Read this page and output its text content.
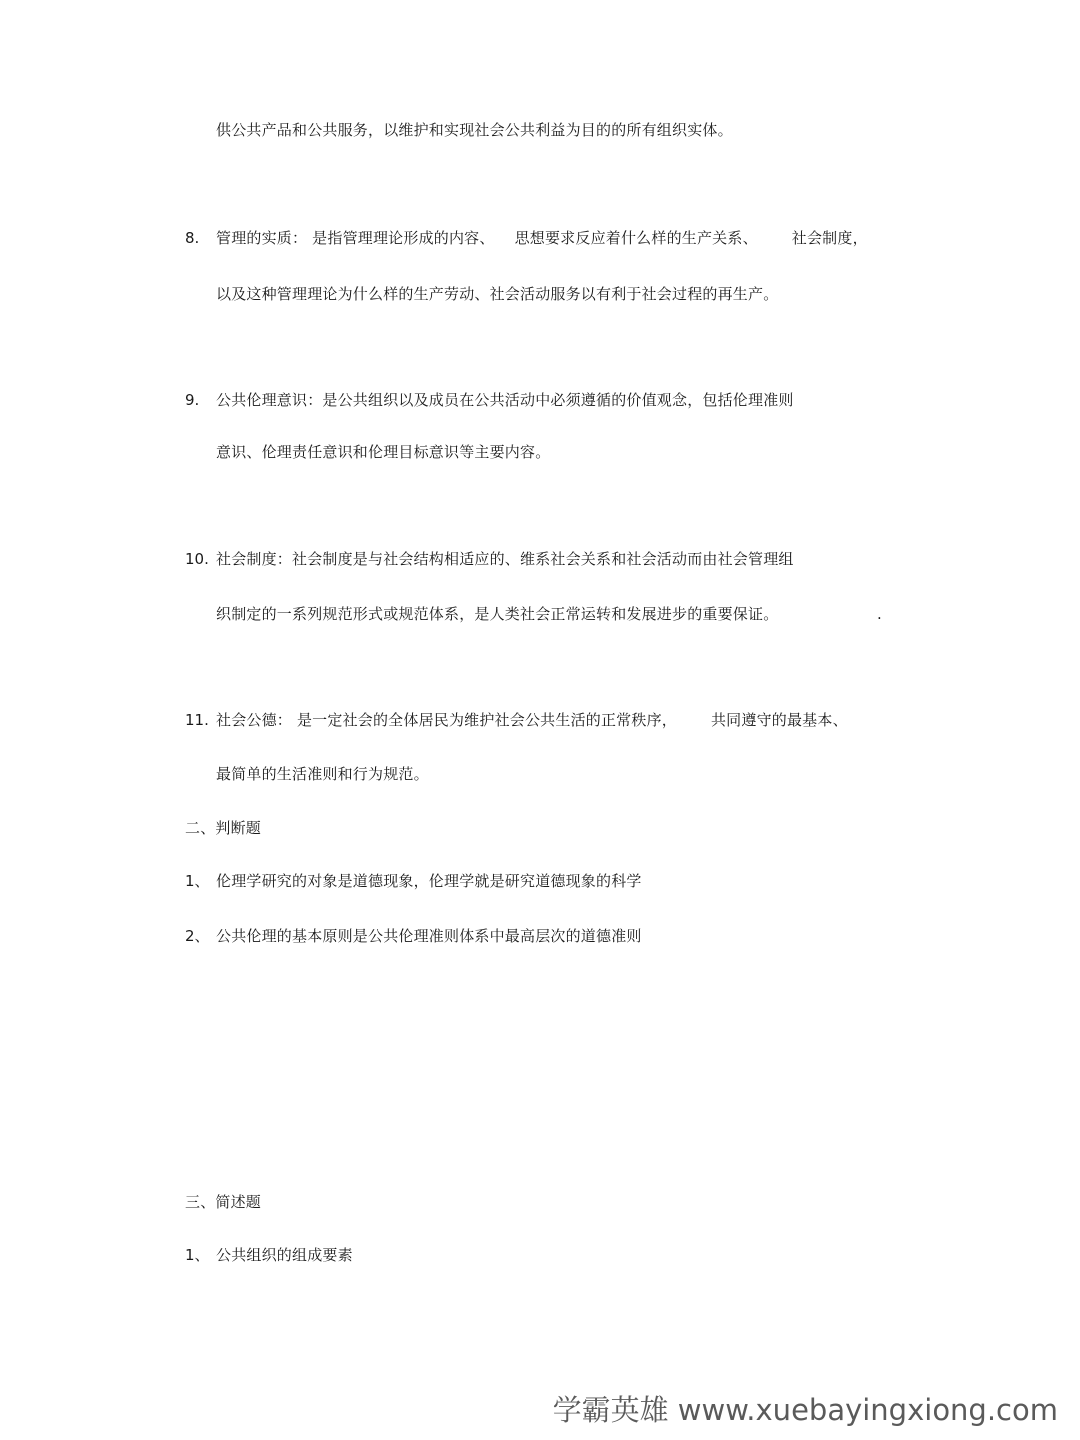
供公共产品和公共服务，以维护和实现社会公共利益为目的的所有组织实体。
8. 管理的实质： 是指管理理论形成的内容、 思想要求反应着什么样的生产关系、 社会制度，
以及这种管理理论为什么样的生产劳动、社会活动服务以有利于社会过程的再生产。
9. 公共伦理意识：是公共组织以及成员在公共活动中必须遵循的价值观念，包括伦理准则
意识、伦理责任意识和伦理目标意识等主要内容。
10. 社会制度：社会制度是与社会结构相适应的、维系社会关系和社会活动而由社会管理组
织制定的一系列规范形式或规范体系，是人类社会正常运转和发展进步的重要保证。	.
11. 社会公德： 是一定社会的全体居民为维护社会公共生活的正常秩序， 共同遵守的最基本、
最简单的生活准则和行为规范。
二、判断题
1、 伦理学研究的对象是道德现象，伦理学就是研究道德现象的科学
2、 公共伦理的基本原则是公共伦理准则体系中最高层次的道德准则
三、简述题
1、 公共组织的组成要素
学霸英雄 www.xuebayingxiong.com
